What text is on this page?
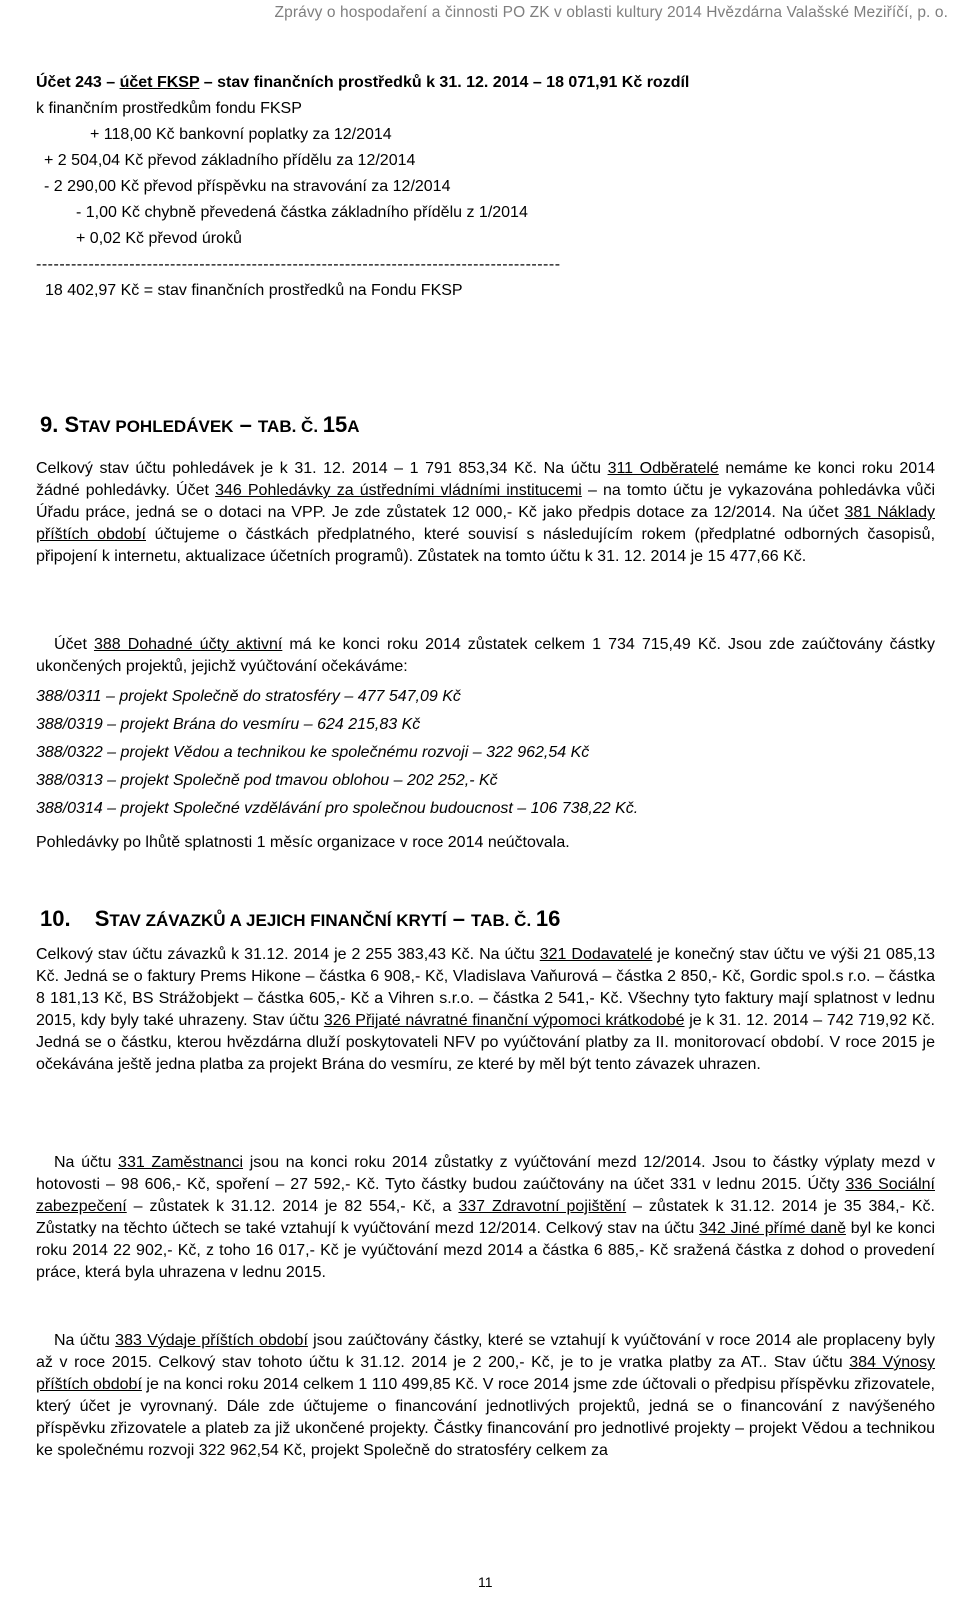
Zprávy o hospodaření a činnosti PO ZK v oblasti kultury 2014 Hvězdárna Valašské Meziříčí, p. o.
Účet 243 – účet FKSP – stav finančních prostředků k 31. 12. 2014 – 18 071,91 Kč rozdíl
k finančním prostředkům fondu FKSP
+ 118,00 Kč bankovní poplatky za 12/2014
+ 2 504,04 Kč převod základního přídělu za 12/2014
- 2 290,00 Kč převod příspěvku na stravování za 12/2014
- 1,00 Kč chybně převedená částka základního přídělu z 1/2014
+ 0,02 Kč převod úroků
------------------------------------------------------------------------------------------
18 402,97 Kč = stav finančních prostředků na Fondu FKSP
9. STAV POHLEDÁVEK – TAB. Č. 15A
Celkový stav účtu pohledávek je k 31. 12. 2014 – 1 791 853,34 Kč. Na účtu 311 Odběratelé nemáme ke konci roku 2014 žádné pohledávky. Účet 346 Pohledávky za ústředními vládními institucemi – na tomto účtu je vykazována pohledávka vůči Úřadu práce, jedná se o dotaci na VPP. Je zde zůstatek 12 000,- Kč jako předpis dotace za 12/2014. Na účet 381 Náklady příštích období účtujeme o částkách předplatného, které souvisí s následujícím rokem (předplatné odborných časopisů, připojení k internetu, aktualizace účetních programů). Zůstatek na tomto účtu k 31. 12. 2014 je 15 477,66 Kč.
Účet 388 Dohadné účty aktivní má ke konci roku 2014 zůstatek celkem 1 734 715,49 Kč. Jsou zde zaúčtovány částky ukončených projektů, jejichž vyúčtování očekáváme:
388/0311 – projekt Společně do stratosféry – 477 547,09 Kč
388/0319 – projekt Brána do vesmíru – 624 215,83 Kč
388/0322 – projekt Vědou a technikou ke společnému rozvoji – 322 962,54 Kč
388/0313 – projekt Společně pod tmavou oblohou – 202 252,- Kč
388/0314 – projekt Společné vzdělávání pro společnou budoucnost – 106 738,22 Kč.
Pohledávky po lhůtě splatnosti 1 měsíc organizace v roce 2014 neúčtovala.
10. STAV ZÁVAZKŮ A JEJICH FINANČNÍ KRYTÍ – TAB. Č. 16
Celkový stav účtu závazků k 31.12. 2014 je 2 255 383,43 Kč. Na účtu 321 Dodavatelé je konečný stav účtu ve výši 21 085,13 Kč. Jedná se o faktury Prems Hikone – částka 6 908,- Kč, Vladislava Vaňurová – částka 2 850,- Kč, Gordic spol.s r.o. – částka 8 181,13 Kč, BS Strážobjekt – částka 605,- Kč a Vihren s.r.o. – částka 2 541,- Kč. Všechny tyto faktury mají splatnost v lednu 2015, kdy byly také uhrazeny. Stav účtu 326 Přijaté návratné finanční výpomoci krátkodobé je k 31. 12. 2014 – 742 719,92 Kč. Jedná se o částku, kterou hvězdárna dluží poskytovateli NFV po vyúčtování platby za II. monitorovací období. V roce 2015 je očekávána ještě jedna platba za projekt Brána do vesmíru, ze které by měl být tento závazek uhrazen.
Na účtu 331 Zaměstnanci jsou na konci roku 2014 zůstatky z vyúčtování mezd 12/2014. Jsou to částky výplaty mezd v hotovosti – 98 606,- Kč, spoření – 27 592,- Kč. Tyto částky budou zaúčtovány na účet 331 v lednu 2015. Účty 336 Sociální zabezpečení – zůstatek k 31.12. 2014 je 82 554,- Kč, a 337 Zdravotní pojištění – zůstatek k 31.12. 2014 je 35 384,- Kč. Zůstatky na těchto účtech se také vztahují k vyúčtování mezd 12/2014. Celkový stav na účtu 342 Jiné přímé daně byl ke konci roku 2014 22 902,- Kč, z toho 16 017,- Kč je vyúčtování mezd 2014 a částka 6 885,- Kč sražená částka z dohod o provedení práce, která byla uhrazena v lednu 2015.
Na účtu 383 Výdaje příštích období jsou zaúčtovány částky, které se vztahují k vyúčtování v roce 2014 ale proplaceny byly až v roce 2015. Celkový stav tohoto účtu k 31.12. 2014 je 2 200,- Kč, je to je vratka platby za AT.. Stav účtu 384 Výnosy příštích období je na konci roku 2014 celkem 1 110 499,85 Kč. V roce 2014 jsme zde účtovali o předpisu příspěvku zřizovatele, který účet je vyrovnaný. Dále zde účtujeme o financování jednotlivých projektů, jedná se o financování z navýšeného příspěvku zřizovatele a plateb za již ukončené projekty. Částky financování pro jednotlivé projekty – projekt Vědou a technikou ke společnému rozvoji 322 962,54 Kč, projekt Společně do stratosféry celkem za
11
